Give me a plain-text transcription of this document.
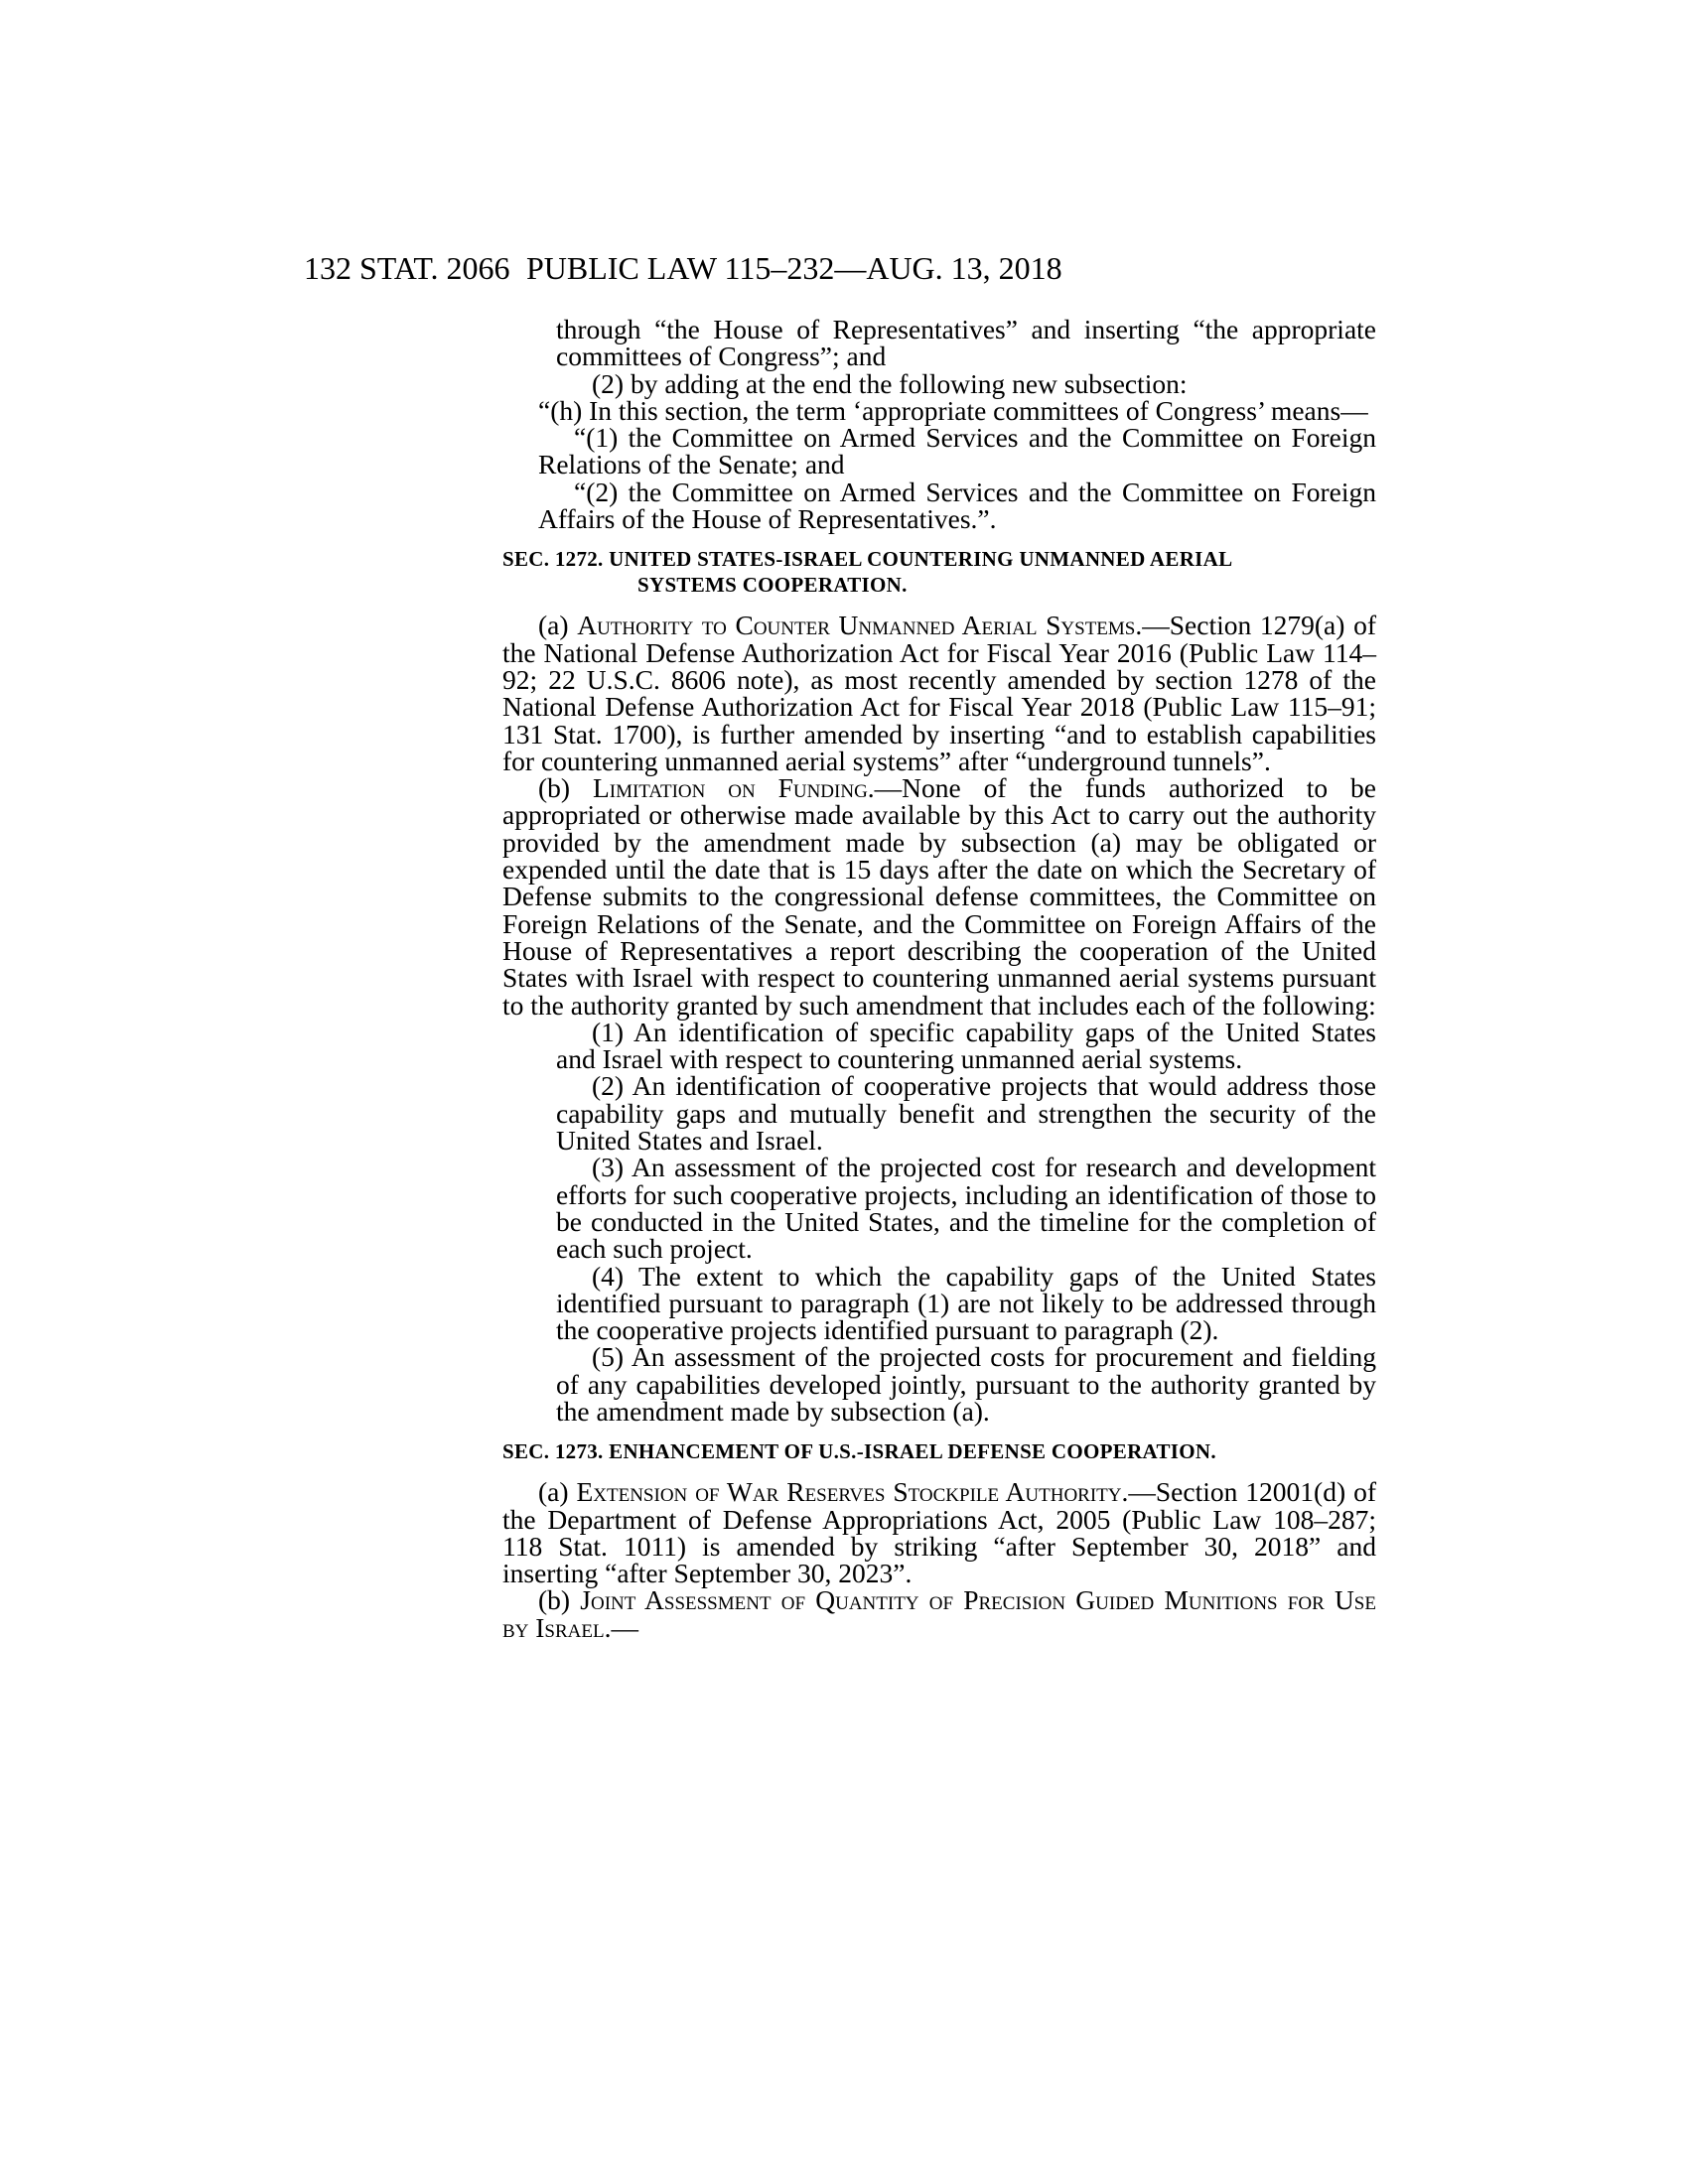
132 STAT. 2066 PUBLIC LAW 115–232—AUG. 13, 2018

through “the House of Representatives” and inserting “the appropriate committees of Congress”; and

(2) by adding at the end the following new subsection:

“(h) In this section, the term ‘appropriate committees of Congress’ means—

“(1) the Committee on Armed Services and the Committee on Foreign Relations of the Senate; and

“(2) the Committee on Armed Services and the Committee on Foreign Affairs of the House of Representatives.”.

SEC. 1272. UNITED STATES-ISRAEL COUNTERING UNMANNED AERIAL
SYSTEMS COOPERATION.

(a) Authority to Counter Unmanned Aerial Systems.—Section 1279(a) of the National Defense Authorization Act for Fiscal Year 2016 (Public Law 114–92; 22 U.S.C. 8606 note), as most recently amended by section 1278 of the National Defense Authorization Act for Fiscal Year 2018 (Public Law 115–91; 131 Stat. 1700), is further amended by inserting “and to establish capabilities for countering unmanned aerial systems” after “underground tunnels”.

(b) Limitation on Funding.—None of the funds authorized to be appropriated or otherwise made available by this Act to carry out the authority provided by the amendment made by subsection (a) may be obligated or expended until the date that is 15 days after the date on which the Secretary of Defense submits to the congressional defense committees, the Committee on Foreign Relations of the Senate, and the Committee on Foreign Affairs of the House of Representatives a report describing the cooperation of the United States with Israel with respect to countering unmanned aerial systems pursuant to the authority granted by such amendment that includes each of the following:

(1) An identification of specific capability gaps of the United States and Israel with respect to countering unmanned aerial systems.

(2) An identification of cooperative projects that would address those capability gaps and mutually benefit and strengthen the security of the United States and Israel.

(3) An assessment of the projected cost for research and development efforts for such cooperative projects, including an identification of those to be conducted in the United States, and the timeline for the completion of each such project.

(4) The extent to which the capability gaps of the United States identified pursuant to paragraph (1) are not likely to be addressed through the cooperative projects identified pursuant to paragraph (2).

(5) An assessment of the projected costs for procurement and fielding of any capabilities developed jointly, pursuant to the authority granted by the amendment made by subsection (a).

SEC. 1273. ENHANCEMENT OF U.S.-ISRAEL DEFENSE COOPERATION.

(a) Extension of War Reserves Stockpile Authority.—Section 12001(d) of the Department of Defense Appropriations Act, 2005 (Public Law 108–287; 118 Stat. 1011) is amended by striking “after September 30, 2018” and inserting “after September 30, 2023”.

(b) Joint Assessment of Quantity of Precision Guided Munitions for Use by Israel.—
